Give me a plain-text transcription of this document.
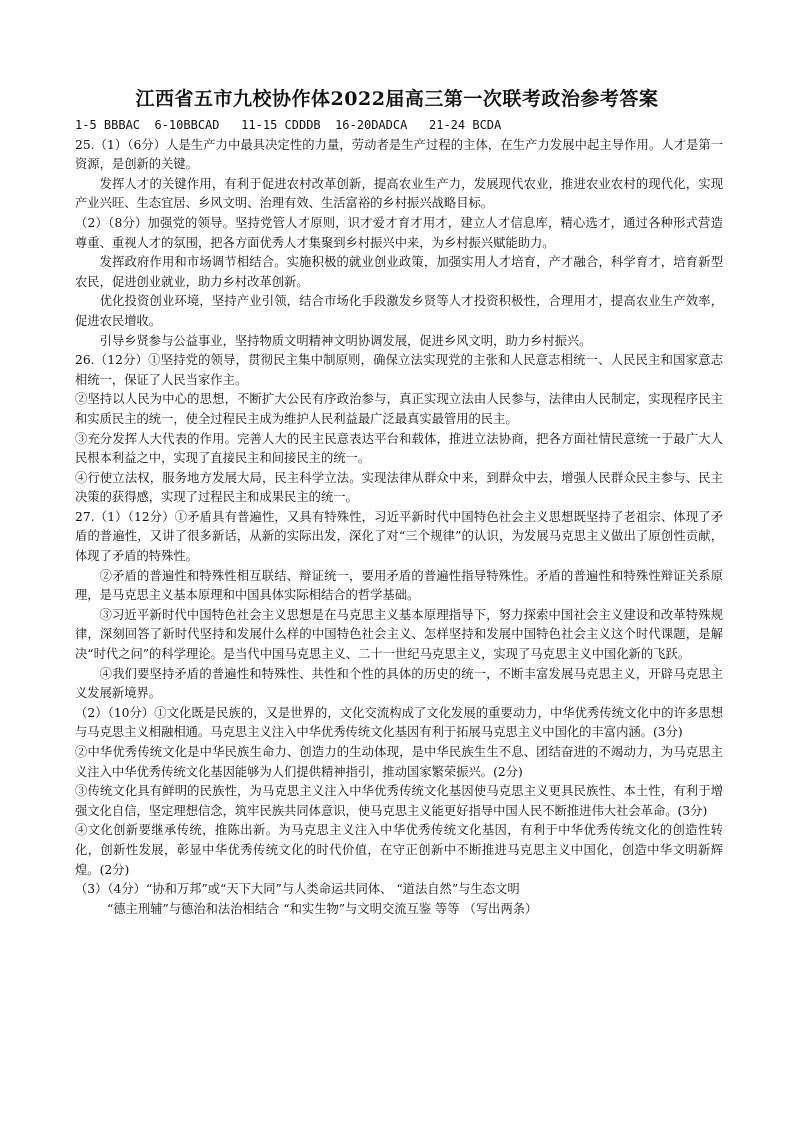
江西省五市九校协作体2022届高三第一次联考政治参考答案
1-5 BBBAC  6-10BBCAD   11-15 CDDDB  16-20DADCA   21-24 BCDA

25.（1）（6分）人是生产力中最具决定性的力量，劳动者是生产过程的主体，在生产力发展中起主导作用。人才是第一资源，是创新的关键。

发挥人才的关键作用，有利于促进农村改革创新，提高农业生产力，发展现代农业，推进农业农村的现代化，实现产业兴旺、生态宜居、乡风文明、治理有效、生活富裕的乡村振兴战略目标。

（2）（8分）加强党的领导。坚持党管人才原则，识才爱才育才用才，建立人才信息库，精心选才，通过各种形式营造尊重、重视人才的氛围，把各方面优秀人才集聚到乡村振兴中来，为乡村振兴赋能助力。

发挥政府作用和市场调节相结合。实施积极的就业创业政策，加强实用人才培育，产才融合，科学育才，培育新型农民，促进创业就业，助力乡村改革创新。

优化投资创业环境，坚持产业引领，结合市场化手段激发乡贤等人才投资积极性，合理用才，提高农业生产效率，促进农民增收。

引导乡贤参与公益事业，坚持物质文明精神文明协调发展，促进乡风文明，助力乡村振兴。

26.（12分）①坚持党的领导，贯彻民主集中制原则，确保立法实现党的主张和人民意志相统一、人民民主和国家意志相统一，保证了人民当家作主。

②坚持以人民为中心的思想，不断扩大公民有序政治参与，真正实现立法由人民参与，法律由人民制定，实现程序民主和实质民主的统一，使全过程民主成为维护人民利益最广泛最真实最管用的民主。

③充分发挥人大代表的作用。完善人大的民主民意表达平台和载体，推进立法协商，把各方面社情民意统一于最广大人民根本利益之中，实现了直接民主和间接民主的统一。

④行使立法权，服务地方发展大局，民主科学立法。实现法律从群众中来，到群众中去，增强人民群众民主参与、民主决策的获得感，实现了过程民主和成果民主的统一。

27.（1）（12分）①矛盾具有普遍性，又具有特殊性，习近平新时代中国特色社会主义思想既坚持了老祖宗、体现了矛盾的普遍性，又讲了很多新话，从新的实际出发，深化了对“三个规律”的认识，为发展马克思主义做出了原创性贡献，体现了矛盾的特殊性。

②矛盾的普遍性和特殊性相互联结、辩证统一，要用矛盾的普遍性指导特殊性。矛盾的普遍性和特殊性辩证关系原理，是马克思主义基本原理和中国具体实际相结合的哲学基础。

③习近平新时代中国特色社会主义思想是在马克思主义基本原理指导下，努力探索中国社会主义建设和改革特殊规律，深刻回答了新时代坚持和发展什么样的中国特色社会主义、怎样坚持和发展中国特色社会主义这个时代课题，是解决“时代之问”的科学理论。是当代中国马克思主义、二十一世纪马克思主义，实现了马克思主义中国化新的飞跃。

④我们要坚持矛盾的普遍性和特殊性、共性和个性的具体的历史的统一，不断丰富发展马克思主义，开辟马克思主义发展新境界。

（2）（10分）①文化既是民族的，又是世界的，文化交流构成了文化发展的重要动力，中华优秀传统文化中的许多思想与马克思主义相融相通。马克思主义注入中华优秀传统文化基因有利于拓展马克思主义中国化的丰富内涵。(3分)

②中华优秀传统文化是中华民族生命力、创造力的生动体现，是中华民族生生不息、团结奋进的不竭动力，为马克思主义注入中华优秀传统文化基因能够为人们提供精神指引，推动国家繁荣振兴。(2分)

③传统文化具有鲜明的民族性，为马克思主义注入中华优秀传统文化基因使马克思主义更具民族性、本土性，有利于增强文化自信，坚定理想信念，筑牢民族共同体意识，使马克思主义能更好指导中国人民不断推进伟大社会革命。(3分)

④文化创新要继承传统，推陈出新。为马克思主义注入中华优秀传统文化基因，有利于中华优秀传统文化的创造性转化，创新性发展，彰显中华优秀传统文化的时代价值，在守正创新中不断推进马克思主义中国化，创造中华文明新辉煌。(2分)

（3）（4分）“协和万邦”或“天下大同”与人类命运共同体、 “道法自然”与生态文明
“德主刑辅”与德治和法治相结合 “和实生物”与文明交流互鉴 等等 （写出两条）
